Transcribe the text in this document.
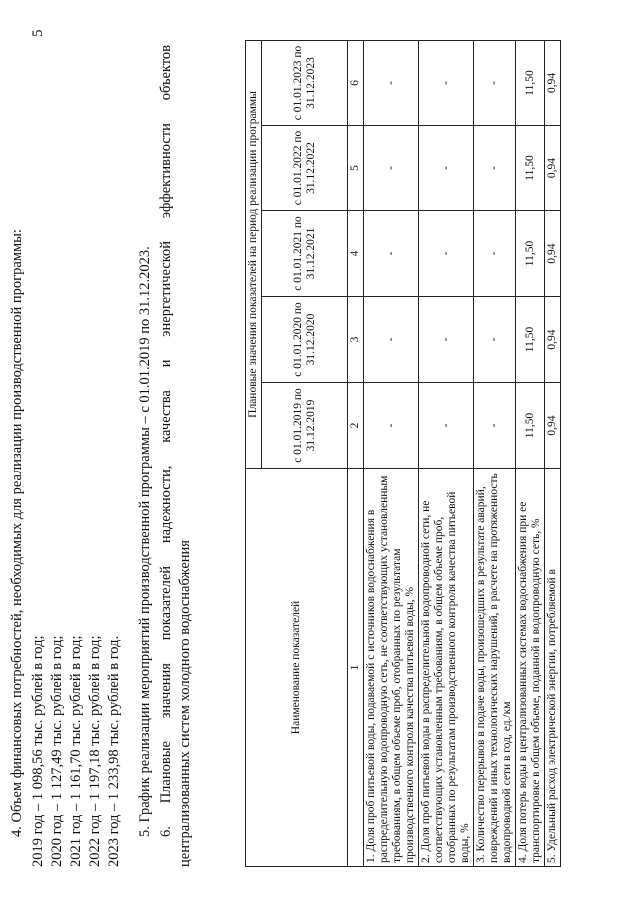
5
4. Объем финансовых потребностей, необходимых для реализации производственной программы: 2019 год – 1 098,56 тыс. рублей в год; 2020 год – 1 127,49 тыс. рублей в год; 2021 год – 1 161,70 тыс. рублей в год; 2022 год – 1 197,18 тыс. рублей в год; 2023 год – 1 233,98 тыс. рублей в год. 5. График реализации мероприятий производственной программы – с 01.01.2019 по 31.12.2023. 6. Плановые значения показателей надежности, качества и энергетической эффективности объектов централизованных систем холодного водоснабжения	Наименование показателей	Плановые значения показателей на период реализации программы				
	с 01.01.2019 по 31.12.2019	с 01.01.2020 по 31.12.2020	с 01.01.2021 по 31.12.2021	с 01.01.2022 по 31.12.2022	с 01.01.2023 по 31.12.2023
1	2	3	4	5	6
1. Доля проб питьевой воды, подаваемой с источников водоснабжения в распределительную водопроводную сеть, не соответствующих установленным требованиям, в общем объеме проб, отобранных по результатам производственного контроля качества питьевой воды, %	-	-	-	-	-
2. Доля проб питьевой воды в распределительной водопроводной сети, не соответствующих установленным требованиям, в общем объеме проб, отобранных по результатам производственного контроля качества питьевой воды, %	-	-	-	-	-
3. Количество перерывов в подаче воды, произошедших в результате аварий, повреждений и иных технологических нарушений, в расчете на протяженность водопроводной сети в год, ед./км	-	-	-	-	-
4. Доля потерь воды в централизованных системах водоснабжения при ее транспортировке в общем объеме, поданной в водопроводную сеть, %	11,50	11,50	11,50	11,50	11,50
5. Удельный расход электрической энергии, потребляемой в	0,94	0,94	0,94	0,94	0,94
